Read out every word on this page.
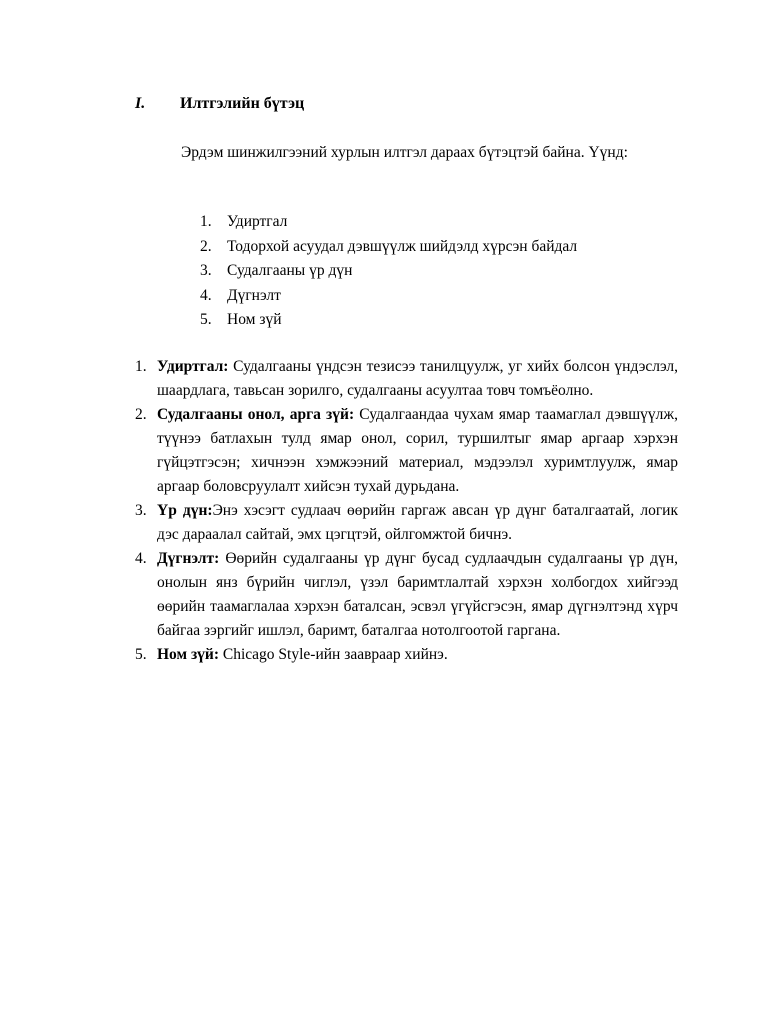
I. Илтгэлийн бүтэц
Эрдэм шинжилгээний хурлын илтгэл дараах бүтэцтэй байна. Үүнд:
1. Удиртгал
2. Тодорхой асуудал дэвшүүлж шийдэлд хүрсэн байдал
3. Судалгааны үр дүн
4. Дүгнэлт
5. Ном зүй
1. Удиртгал: Судалгааны үндсэн тезисээ танилцуулж, уг хийх болсон үндэслэл, шаардлага, тавьсан зорилго, судалгааны асуултаа товч томъёолно.
2. Судалгааны онол, арга зүй: Судалгаандаа чухам ямар таамаглал дэвшүүлж, түүнээ батлахын тулд ямар онол, сорил, туршилтыг ямар аргаар хэрхэн гүйцэтгэсэн; хичнээн хэмжээний материал, мэдээлэл хуримтлуулж, ямар аргаар боловсруулалт хийсэн тухай дурьдана.
3. Үр дүн:Энэ хэсэгт судлаач өөрийн гаргаж авсан үр дүнг баталгаатай, логик дэс дараалал сайтай, эмх цэгцтэй, ойлгомжтой бичнэ.
4. Дүгнэлт: Өөрийн судалгааны үр дүнг бусад судлаачдын судалгааны үр дүн, онолын янз бүрийн чиглэл, үзэл баримтлалтай хэрхэн холбогдох хийгээд өөрийн таамаглалаа хэрхэн баталсан, эсвэл үгүйсгэсэн, ямар дүгнэлтэнд хүрч байгаа зэргийг ишлэл, баримт, баталгаа нотолгоотой гаргана.
5. Ном зүй: Chicago Style-ийн заавраар хийнэ.
